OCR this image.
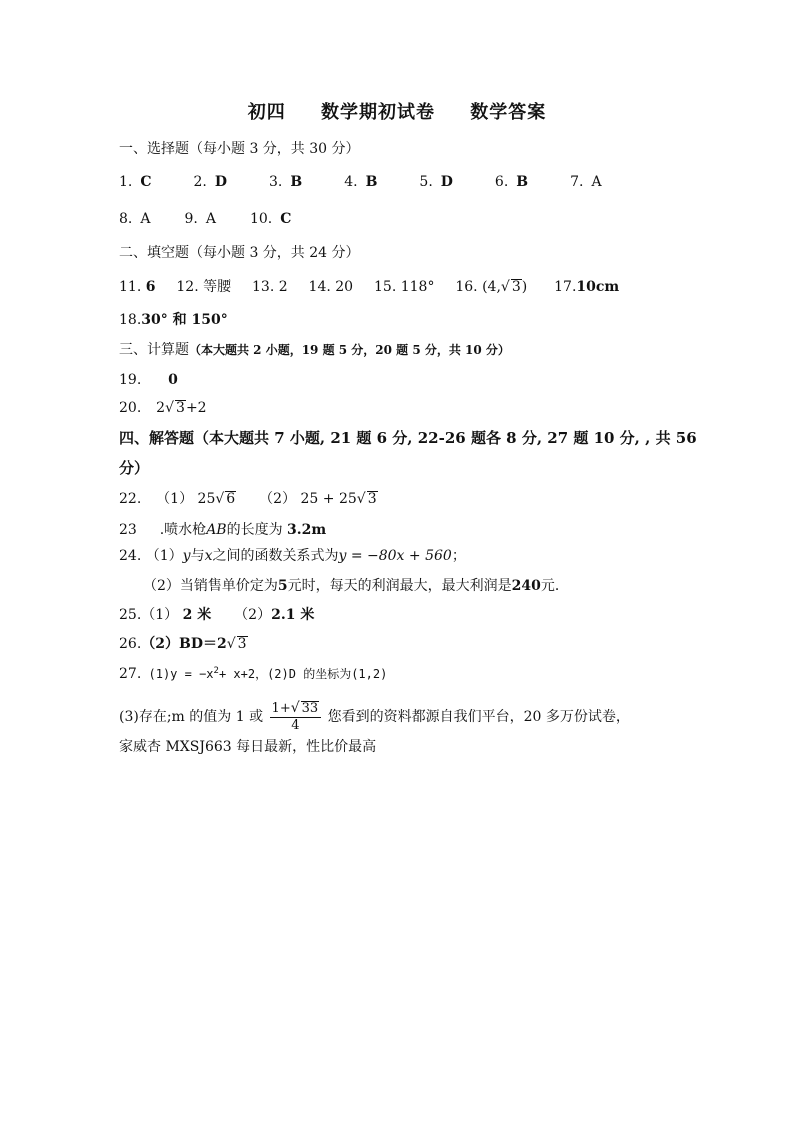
初四 数学期初试卷 数学答案
一、选择题（每小题 3 分，共 30 分）
1. C	2. D	3. B	4. B	5. D	6. B	7. A
8. A 9. A 10. C
二、填空题（每小题 3 分，共 24 分）
11. 6 12. 等腰 13. 2 14. 20 15. 118° 16. (4,√ 3) 17.10cm
18.30° 和 150°
三、计算题（本大题共 2 小题，19 题 5 分，20 题 5 分，共 10 分）
19. 0
20. 2√ 3+2
四、解答题（本大题共 7 小题, 21 题 6 分, 22-26 题各 8 分, 27 题 10 分, , 共 56
分）
22. （1） 25√ 6 （2） 25 + 25√ 3
23 .喷水枪AB的长度为 3.2m
24. （1）y与x之间的函数关系式为y = −80x + 560；
（2）当销售单价定为5元时，每天的利润最大，最大利润是240元．
25.（1） 2 米 （2）2.1 米
26.（2）BD＝2√ 3
27. $(1)y = -x^2+ x+2$，(2)D 的坐标为(1,2)
(3)存在;m 的值为 1 或 $\frac{1+√ 33}{4}$ 您看到的资料都源自我们平台，20 多万份试卷，
家威杏 MXSJ663 每日最新，性比价最高
